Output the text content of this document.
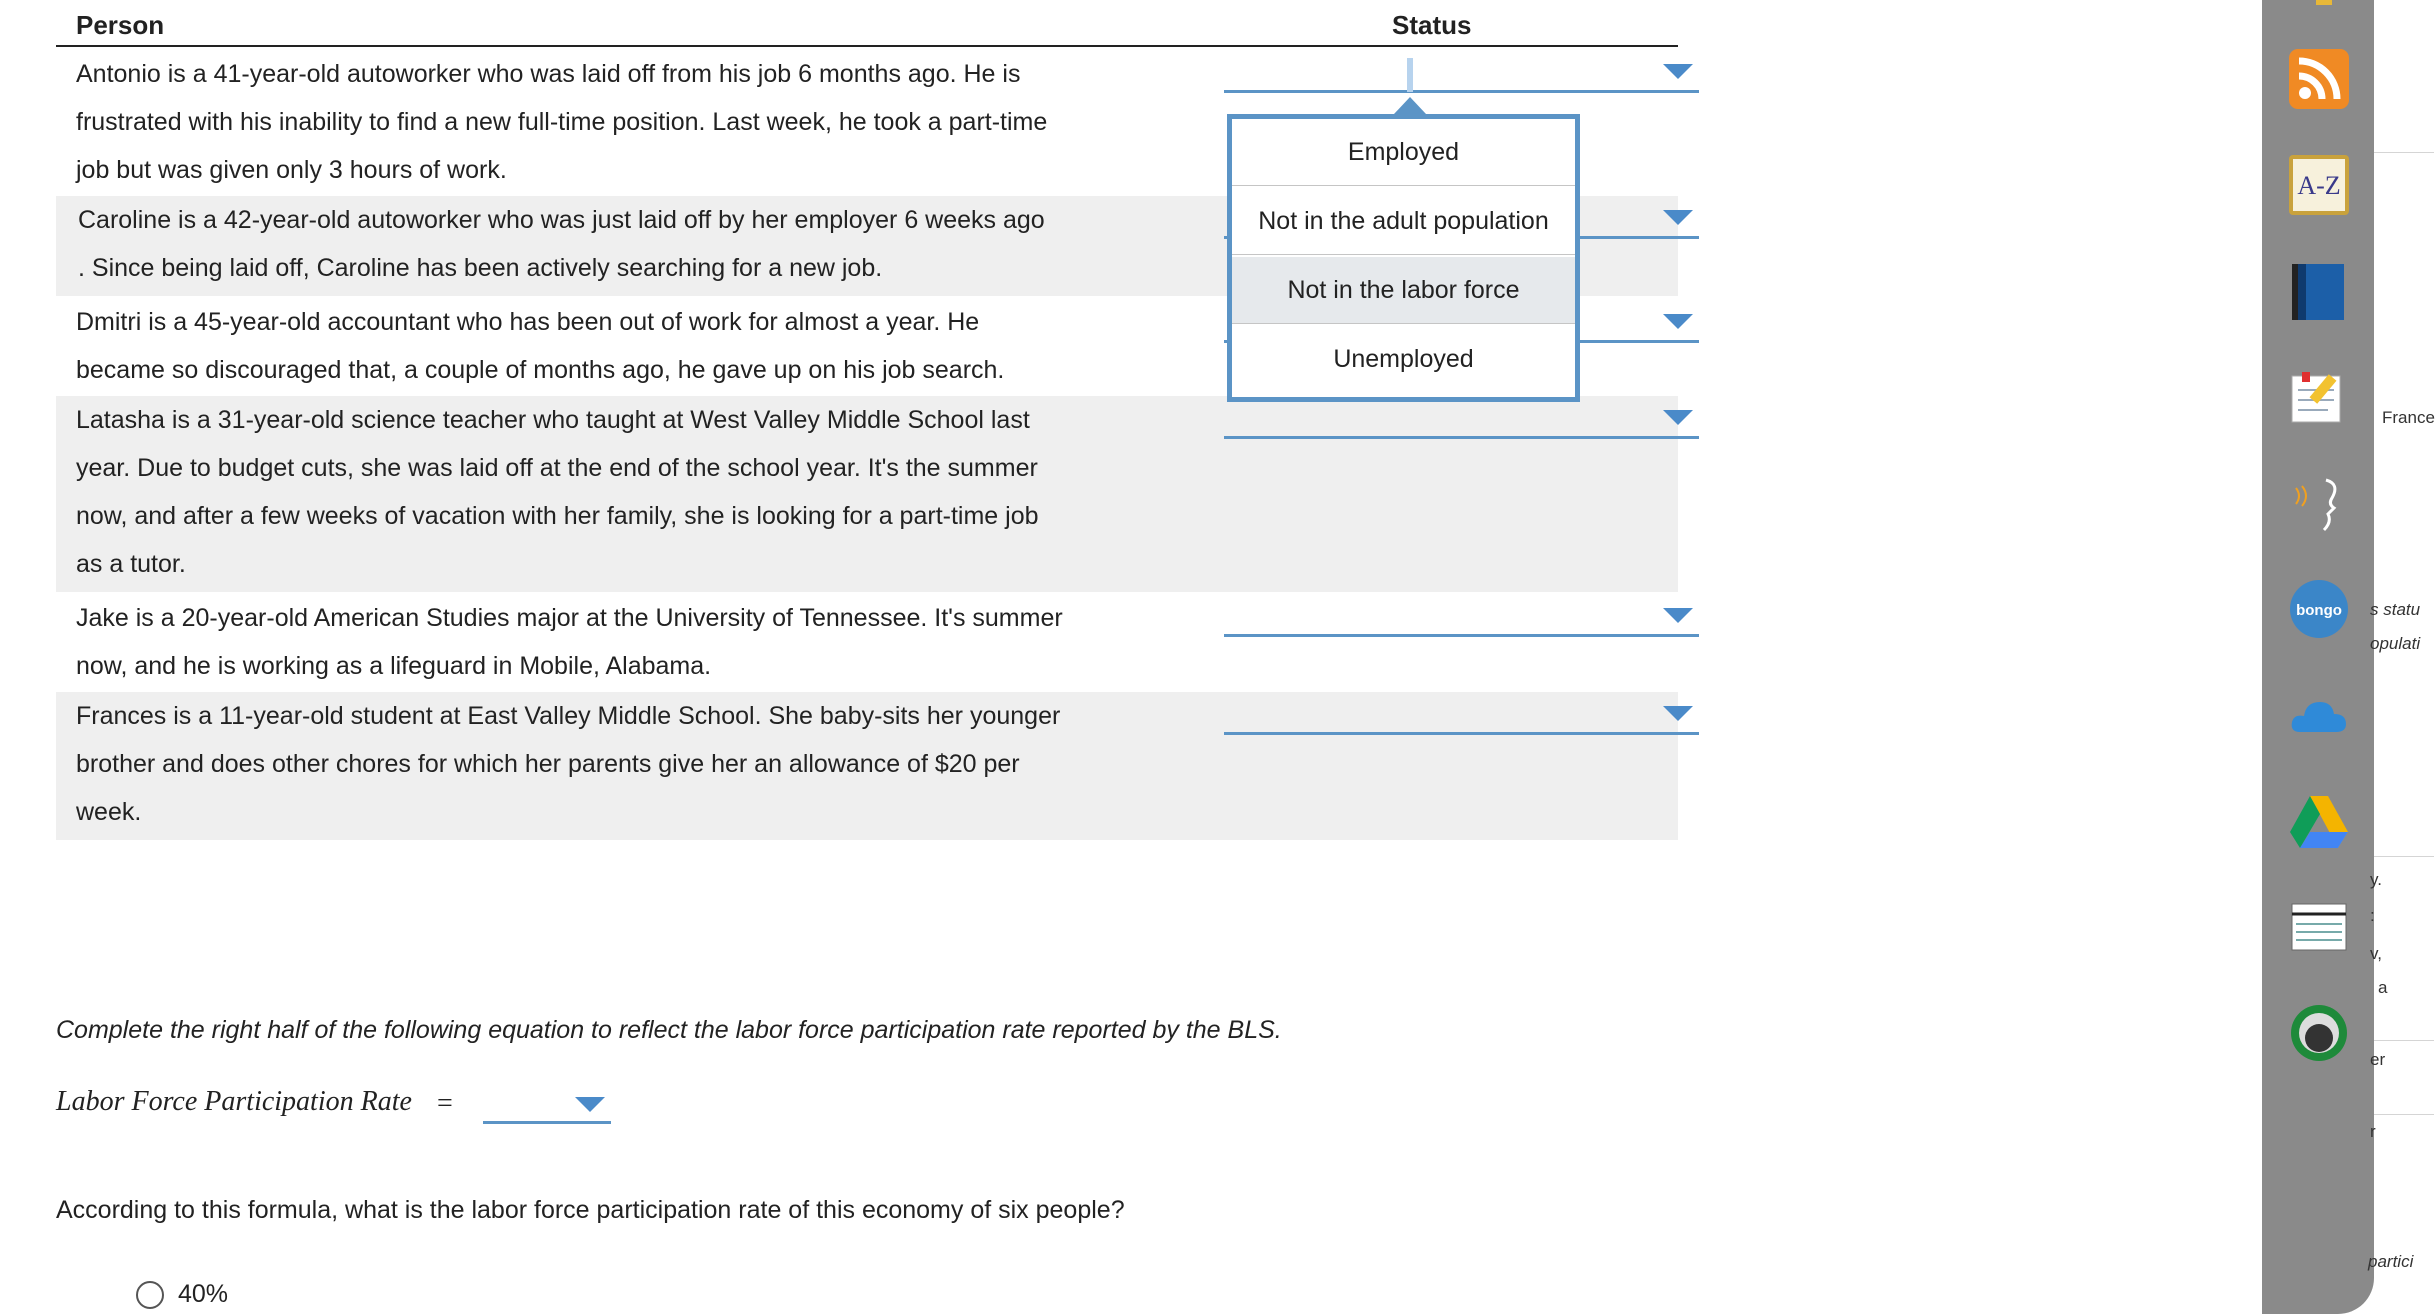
Person	Status
Antonio is a 41-year-old autoworker who was laid off from his job 6 months ago. He is
frustrated with his inability to find a new full-time position. Last week, he took a part-time
job but was given only 3 hours of work.
Caroline is a 42-year-old autoworker who was just laid off by her employer 6 weeks ago
. Since being laid off, Caroline has been actively searching for a new job.
Dmitri is a 45-year-old accountant who has been out of work for almost a year. He
became so discouraged that, a couple of months ago, he gave up on his job search.
Latasha is a 31-year-old science teacher who taught at West Valley Middle School last
year. Due to budget cuts, she was laid off at the end of the school year. It's the summer
now, and after a few weeks of vacation with her family, she is looking for a part-time job
as a tutor.
Jake is a 20-year-old American Studies major at the University of Tennessee. It's summer
now, and he is working as a lifeguard in Mobile, Alabama.
Frances is a 11-year-old student at East Valley Middle School. She baby-sits her younger
brother and does other chores for which her parents give her an allowance of $20 per
week.
Employed
Not in the adult population
Not in the labor force
Unemployed
Complete the right half of the following equation to reflect the labor force participation rate reported by the BLS.
Labor Force Participation Rate =
According to this formula, what is the labor force participation rate of this economy of six people?
40%
A-Z
bongo
France
s statu
opulati
y.
:
v,
a
er
r
partici
